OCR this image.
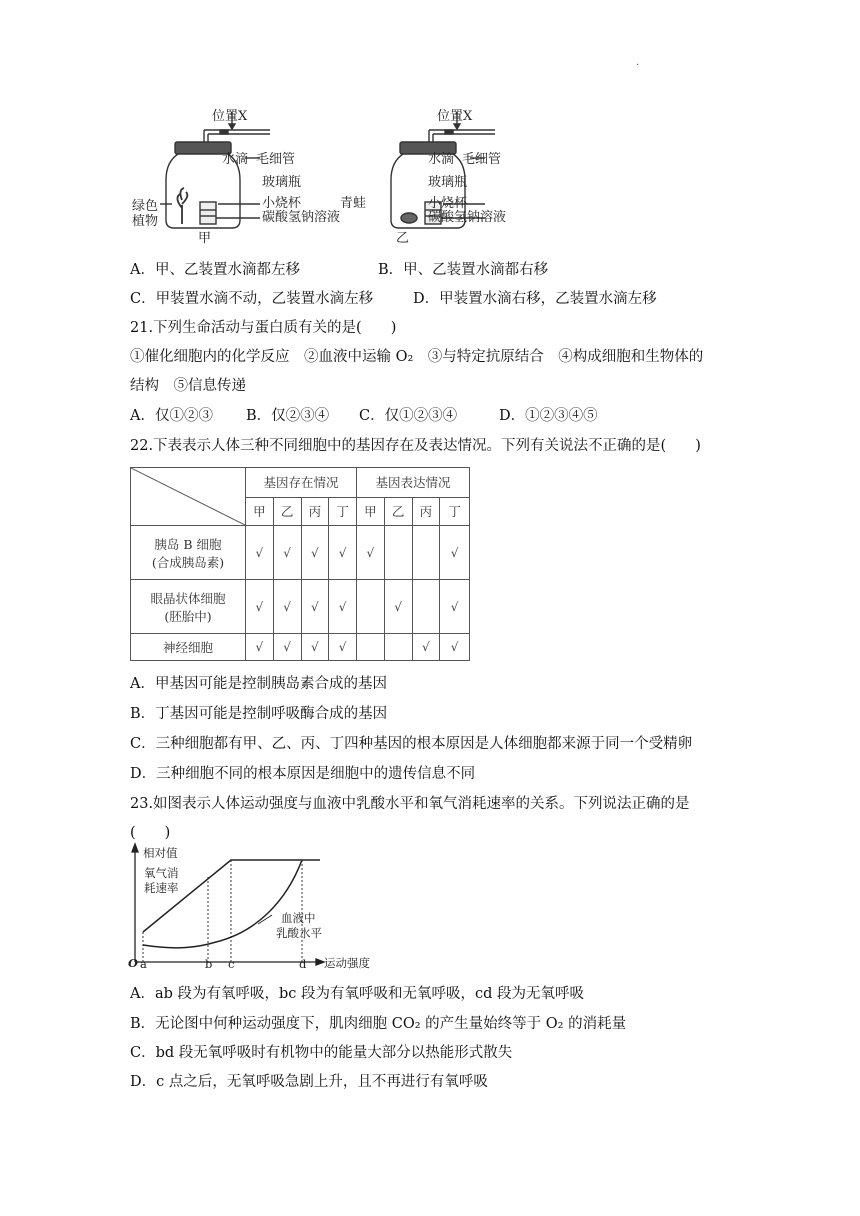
·
位置X
水滴 毛细管
玻璃瓶
小烧杯
碳酸氢钠溶液
绿色植物
甲
位置X
水滴 毛细管
玻璃瓶
小烧杯
碳酸氢钠溶液
青蛙
乙
A．甲、乙装置水滴都左移	B．甲、乙装置水滴都右移
C．甲装置水滴不动，乙装置水滴左移	D．甲装置水滴右移，乙装置水滴左移
21.下列生命活动与蛋白质有关的是(　　)
①催化细胞内的化学反应　②血液中运输 O₂　③与特定抗原结合　④构成细胞和生物体的
结构　⑤信息传递
A．仅①②③ B．仅②③④ C．仅①②③④	D．①②③④⑤
22.下表表示人体三种不同细胞中的基因存在及表达情况。下列有关说法不正确的是(　　)
	基因存在情况				基因表达情况			
	甲	乙	丙	丁	甲	乙	丙	丁

胰岛 B 细胞
(合成胰岛素)	√	√	√	√	√			√

眼晶状体细胞
(胚胎中)	√	√	√	√		√		√

神经细胞	√	√	√	√			√	√
A．甲基因可能是控制胰岛素合成的基因
B．丁基因可能是控制呼吸酶合成的基因
C．三种细胞都有甲、乙、丙、丁四种基因的根本原因是人体细胞都来源于同一个受精卵
D．三种细胞不同的根本原因是细胞中的遗传信息不同
23.如图表示人体运动强度与血液中乳酸水平和氧气消耗速率的关系。下列说法正确的是
(　　)
相对值
氧气消
耗速率
血液中
乳酸水平
O a	b c	d 运动强度
A．ab 段为有氧呼吸，bc 段为有氧呼吸和无氧呼吸，cd 段为无氧呼吸
B．无论图中何种运动强度下，肌肉细胞 CO₂ 的产生量始终等于 O₂ 的消耗量
C．bd 段无氧呼吸时有机物中的能量大部分以热能形式散失
D．c 点之后，无氧呼吸急剧上升，且不再进行有氧呼吸
